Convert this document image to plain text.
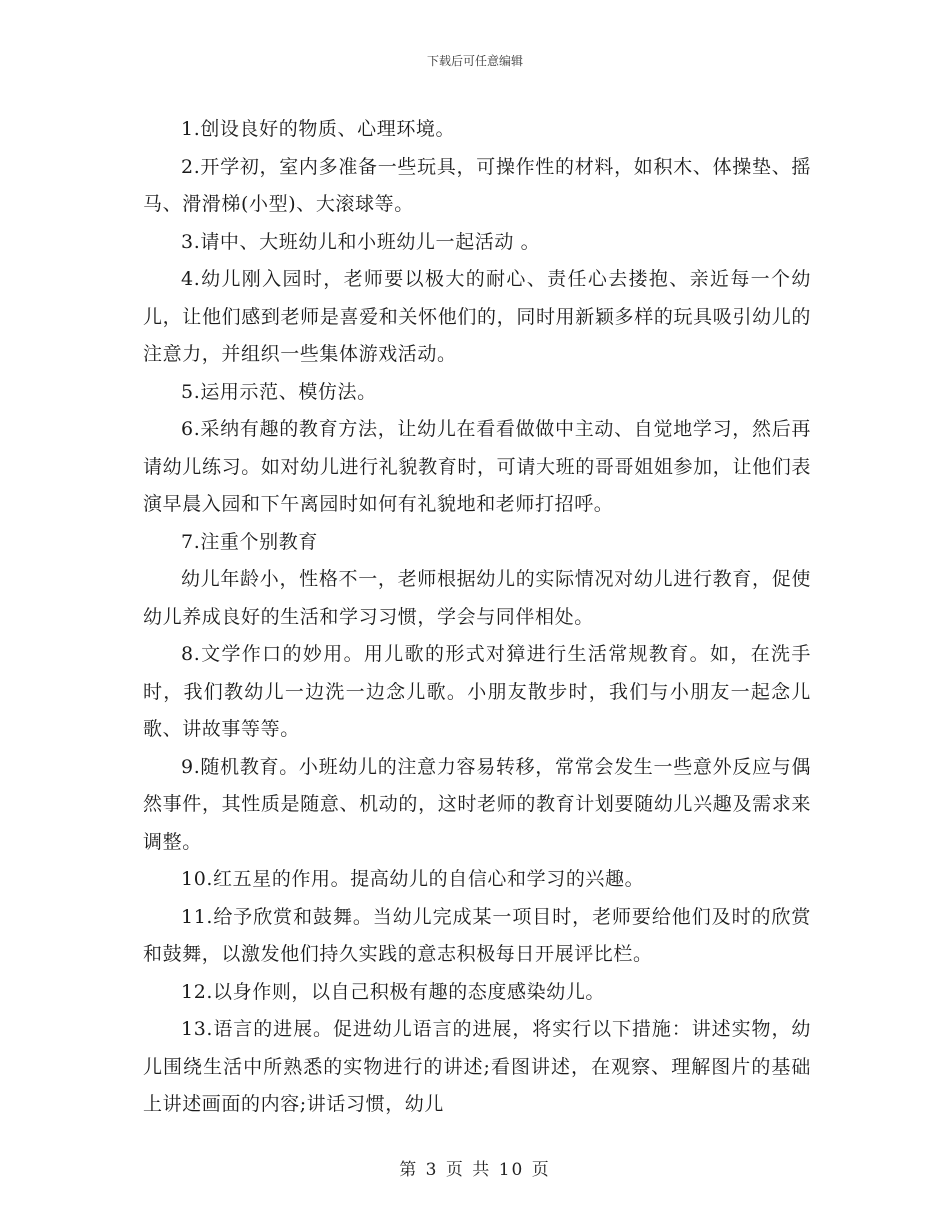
下载后可任意编辑

1.创设良好的物质、心理环境。

2.开学初，室内多准备一些玩具，可操作性的材料，如积木、体操垫、摇马、滑滑梯(小型)、大滚球等。

3.请中、大班幼儿和小班幼儿一起活动 。

4.幼儿刚入园时，老师要以极大的耐心、责任心去搂抱、亲近每一个幼儿，让他们感到老师是喜爱和关怀他们的，同时用新颖多样的玩具吸引幼儿的注意力，并组织一些集体游戏活动。

5.运用示范、模仿法。

6.采纳有趣的教育方法，让幼儿在看看做做中主动、自觉地学习，然后再请幼儿练习。如对幼儿进行礼貌教育时，可请大班的哥哥姐姐参加，让他们表演早晨入园和下午离园时如何有礼貌地和老师打招呼。

7.注重个别教育

幼儿年龄小，性格不一，老师根据幼儿的实际情况对幼儿进行教育，促使幼儿养成良好的生活和学习习惯，学会与同伴相处。

8.文学作口的妙用。用儿歌的形式对獐进行生活常规教育。如，在洗手时，我们教幼儿一边洗一边念儿歌。小朋友散步时，我们与小朋友一起念儿歌、讲故事等等。

9.随机教育。小班幼儿的注意力容易转移，常常会发生一些意外反应与偶然事件，其性质是随意、机动的，这时老师的教育计划要随幼儿兴趣及需求来调整。

10.红五星的作用。提高幼儿的自信心和学习的兴趣。

11.给予欣赏和鼓舞。当幼儿完成某一项目时，老师要给他们及时的欣赏和鼓舞，以激发他们持久实践的意志积极每日开展评比栏。

12.以身作则，以自己积极有趣的态度感染幼儿。

13.语言的进展。促进幼儿语言的进展，将实行以下措施：讲述实物，幼儿围绕生活中所熟悉的实物进行的讲述;看图讲述，在观察、理解图片的基础上讲述画面的内容;讲话习惯，幼儿

第 3 页 共 10 页
